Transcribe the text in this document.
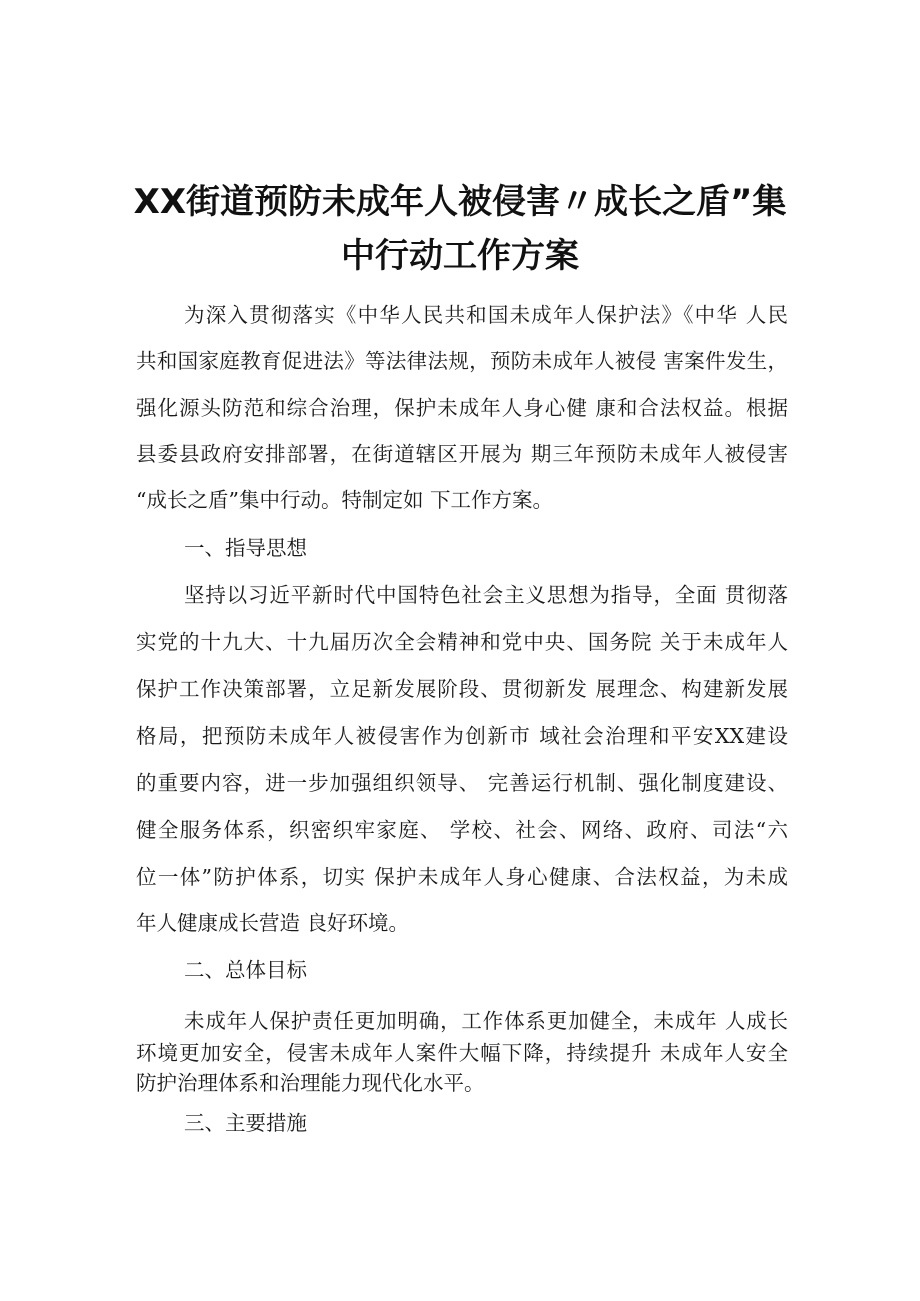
XX街道预防未成年人被侵害〃成长之盾”集
中行动工作方案
为深入贯彻落实《中华人民共和国未成年人保护法》《中华 人民
共和国家庭教育促进法》等法律法规，预防未成年人被侵 害案件发生，
强化源头防范和综合治理，保护未成年人身心健 康和合法权益。根据
县委县政府安排部署，在街道辖区开展为 期三年预防未成年人被侵害
“成长之盾”集中行动。特制定如 下工作方案。
一、指导思想
坚持以习近平新时代中国特色社会主义思想为指导，全面 贯彻落
实党的十九大、十九届历次全会精神和党中央、国务院 关于未成年人
保护工作决策部署，立足新发展阶段、贯彻新发 展理念、构建新发展
格局，把预防未成年人被侵害作为创新市 域社会治理和平安XX建设
的重要内容，进一步加强组织领导、 完善运行机制、强化制度建设、
健全服务体系，织密织牢家庭、 学校、社会、网络、政府、司法“六
位一体”防护体系，切实 保护未成年人身心健康、合法权益，为未成
年人健康成长营造 良好环境。
二、总体目标
未成年人保护责任更加明确，工作体系更加健全，未成年 人成长
环境更加安全，侵害未成年人案件大幅下降，持续提升 未成年人安全
防护治理体系和治理能力现代化水平。
三、主要措施
